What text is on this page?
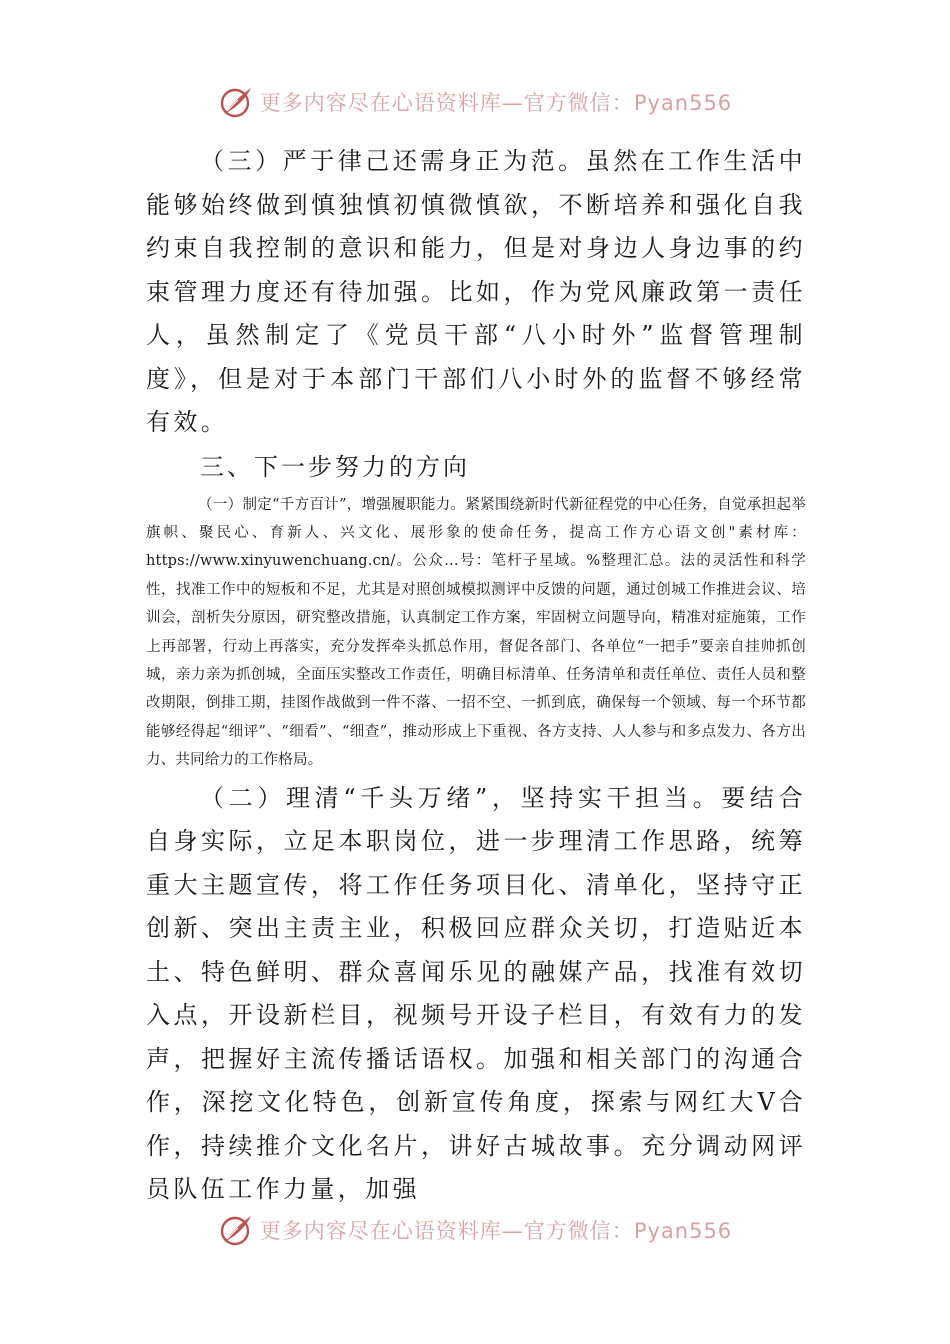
更多内容尽在心语资料库—官方微信：Pyan556

（三）严于律己还需身正为范。虽然在工作生活中能够始终做到慎独慎初慎微慎欲，不断培养和强化自我约束自我控制的意识和能力，但是对身边人身边事的约束管理力度还有待加强。比如，作为党风廉政第一责任人，虽然制定了《党员干部“八小时外”监督管理制度》，但是对于本部门干部们八小时外的监督不够经常有效。

三、下一步努力的方向

（一）制定“千方百计”，增强履职能力。紧紧围绕新时代新征程党的中心任务，自觉承担起举旗帜、聚民心、育新人、兴文化、展形象的使命任务，提高工作方心语文创"素材库：https://www.xinyuwenchuang.cn/。公众…号：笔杆子星域。%整理汇总。法的灵活性和科学性，找准工作中的短板和不足，尤其是对照创城模拟测评中反馈的问题，通过创城工作推进会议、培训会，剖析失分原因，研究整改措施，认真制定工作方案，牢固树立问题导向，精准对症施策，工作上再部署，行动上再落实，充分发挥牵头抓总作用，督促各部门、各单位“一把手”要亲自挂帅抓创城，亲力亲为抓创城，全面压实整改工作责任，明确目标清单、任务清单和责任单位、责任人员和整改期限，倒排工期，挂图作战做到一件不落、一招不空、一抓到底，确保每一个领域、每一个环节都能够经得起“细评”、“细看”、“细查”，推动形成上下重视、各方支持、人人参与和多点发力、各方出力、共同给力的工作格局。

（二）理清“千头万绪”，坚持实干担当。要结合自身实际，立足本职岗位，进一步理清工作思路，统筹重大主题宣传，将工作任务项目化、清单化，坚持守正创新、突出主责主业，积极回应群众关切，打造贴近本土、特色鲜明、群众喜闻乐见的融媒产品，找准有效切入点，开设新栏目，视频号开设子栏目，有效有力的发声，把握好主流传播话语权。加强和相关部门的沟通合作，深挖文化特色，创新宣传角度，探索与网红大V合作，持续推介文化名片，讲好古城故事。充分调动网评员队伍工作力量，加强

更多内容尽在心语资料库—官方微信：Pyan556
